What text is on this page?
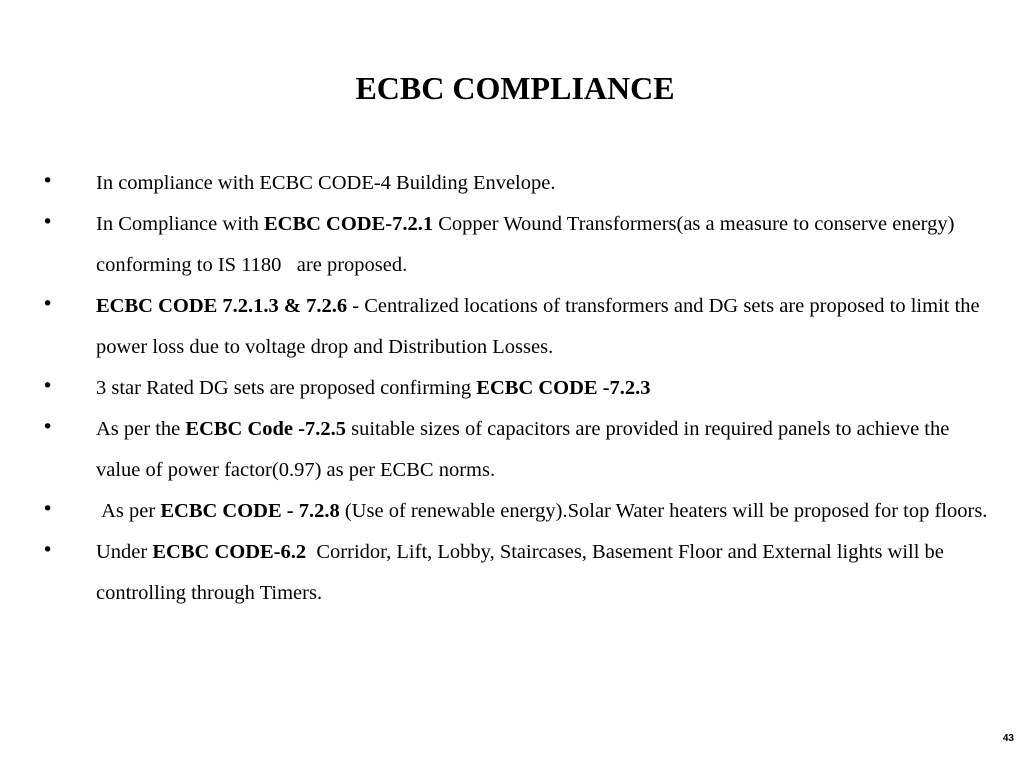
ECBC COMPLIANCE
• In compliance with ECBC CODE-4 Building Envelope.
• In Compliance with ECBC CODE-7.2.1 Copper Wound Transformers(as a measure to conserve energy) conforming to IS 1180   are proposed.
• ECBC CODE 7.2.1.3 & 7.2.6 - Centralized locations of transformers and DG sets are proposed to limit the power loss due to voltage drop and Distribution Losses.
• 3 star Rated DG sets are proposed confirming ECBC CODE -7.2.3
• As per the ECBC Code -7.2.5 suitable sizes of capacitors are provided in required panels to achieve the value of power factor(0.97) as per ECBC norms.
• As per ECBC CODE - 7.2.8 (Use of renewable energy).Solar Water heaters will be proposed for top floors.
• Under ECBC CODE-6.2  Corridor, Lift, Lobby, Staircases, Basement Floor and External lights will be controlling through Timers.
43
